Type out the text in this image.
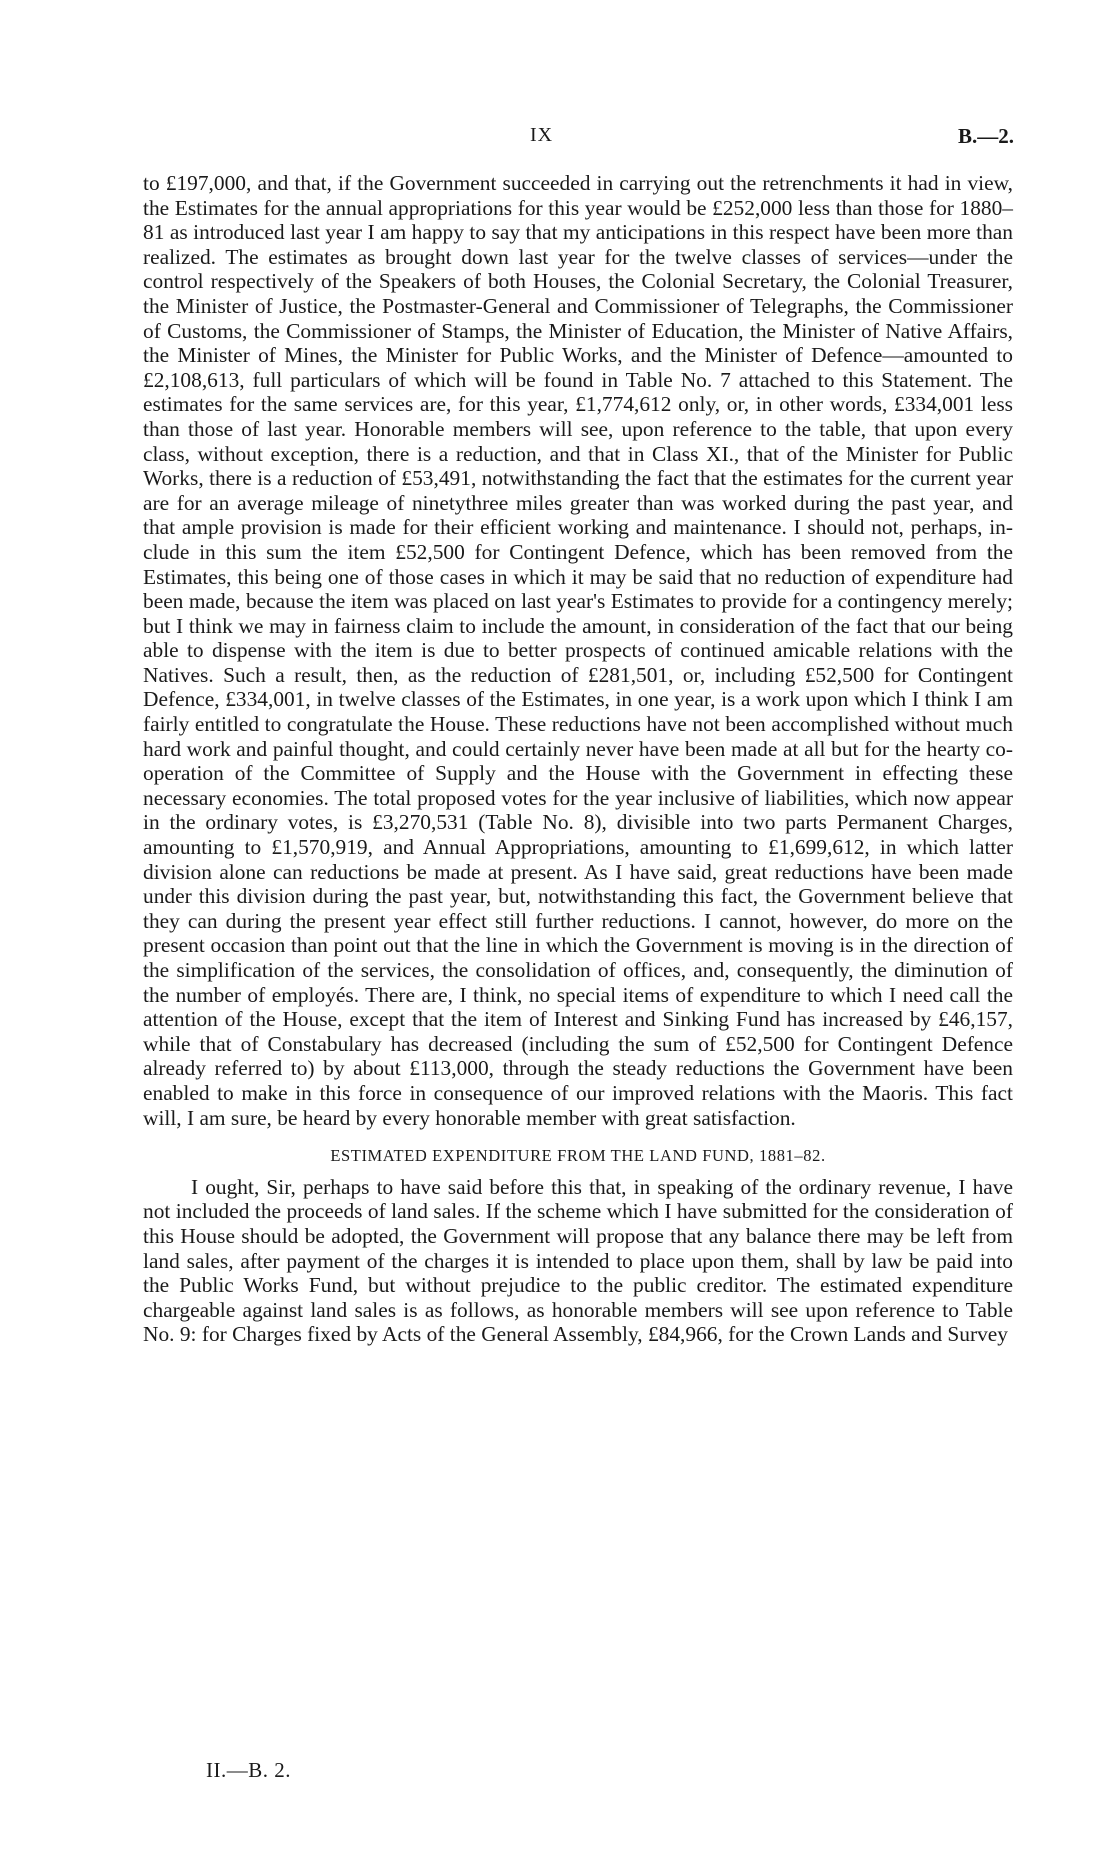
IX	B.—2.

to £197,000, and that, if the Government succeeded in carrying out the retrenchments it had in view, the Estimates for the annual appropriations for this year would be £252,000 less than those for 1880–81 as introduced last year I am happy to say that my anticipations in this respect have been more than realized. The estimates as brought down last year for the twelve classes of services—under the control respectively of the Speakers of both Houses, the Colonial Secretary, the Colonial Treasurer, the Minister of Justice, the Postmaster-General and Commissioner of Telegraphs, the Commissioner of Customs, the Commissioner of Stamps, the Minister of Education, the Minister of Native Affairs, the Minister of Mines, the Minister for Public Works, and the Minister of Defence—amounted to £2,108,613, full particulars of which will be found in Table No. 7 attached to this Statement. The estimates for the same services are, for this year, £1,774,612 only, or, in other words, £334,001 less than those of last year. Honorable members will see, upon reference to the table, that upon every class, without exception, there is a reduction, and that in Class XI., that of the Minister for Public Works, there is a reduction of £53,491, notwithstanding the fact that the estimates for the current year are for an average mileage of ninetythree miles greater than was worked during the past year, and that ample provision is made for their efficient working and maintenance. I should not, perhaps, include in this sum the item £52,500 for Contingent Defence, which has been removed from the Estimates, this being one of those cases in which it may be said that no reduction of expenditure had been made, because the item was placed on last year's Estimates to provide for a contingency merely; but I think we may in fairness claim to include the amount, in consideration of the fact that our being able to dispense with the item is due to better prospects of continued amicable relations with the Natives. Such a result, then, as the reduction of £281,501, or, including £52,500 for Contingent Defence, £334,001, in twelve classes of the Estimates, in one year, is a work upon which I think I am fairly entitled to congratulate the House. These reductions have not been accomplished without much hard work and painful thought, and could certainly never have been made at all but for the hearty co-operation of the Committee of Supply and the House with the Government in effecting these necessary economies. The total proposed votes for the year inclusive of liabilities, which now appear in the ordinary votes, is £3,270,531 (Table No. 8), divisible into two parts Permanent Charges, amounting to £1,570,919, and Annual Appropriations, amounting to £1,699,612, in which latter division alone can reductions be made at present. As I have said, great reductions have been made under this division during the past year, but, notwithstanding this fact, the Government believe that they can during the present year effect still further reductions. I cannot, however, do more on the present occasion than point out that the line in which the Government is moving is in the direction of the simplification of the services, the consolidation of offices, and, consequently, the diminution of the number of employés. There are, I think, no special items of expenditure to which I need call the attention of the House, except that the item of Interest and Sinking Fund has increased by £46,157, while that of Constabulary has decreased (including the sum of £52,500 for Contingent Defence already referred to) by about £113,000, through the steady reductions the Government have been enabled to make in this force in consequence of our improved relations with the Maoris. This fact will, I am sure, be heard by every honorable member with great satisfaction.

ESTIMATED EXPENDITURE FROM THE LAND FUND, 1881–82.

I ought, Sir, perhaps to have said before this that, in speaking of the ordinary revenue, I have not included the proceeds of land sales. If the scheme which I have submitted for the consideration of this House should be adopted, the Government will propose that any balance there may be left from land sales, after payment of the charges it is intended to place upon them, shall by law be paid into the Public Works Fund, but without prejudice to the public creditor. The estimated expenditure chargeable against land sales is as follows, as honorable members will see upon reference to Table No. 9: for Charges fixed by Acts of the General Assembly, £84,966, for the Crown Lands and Survey

II.—B. 2.
